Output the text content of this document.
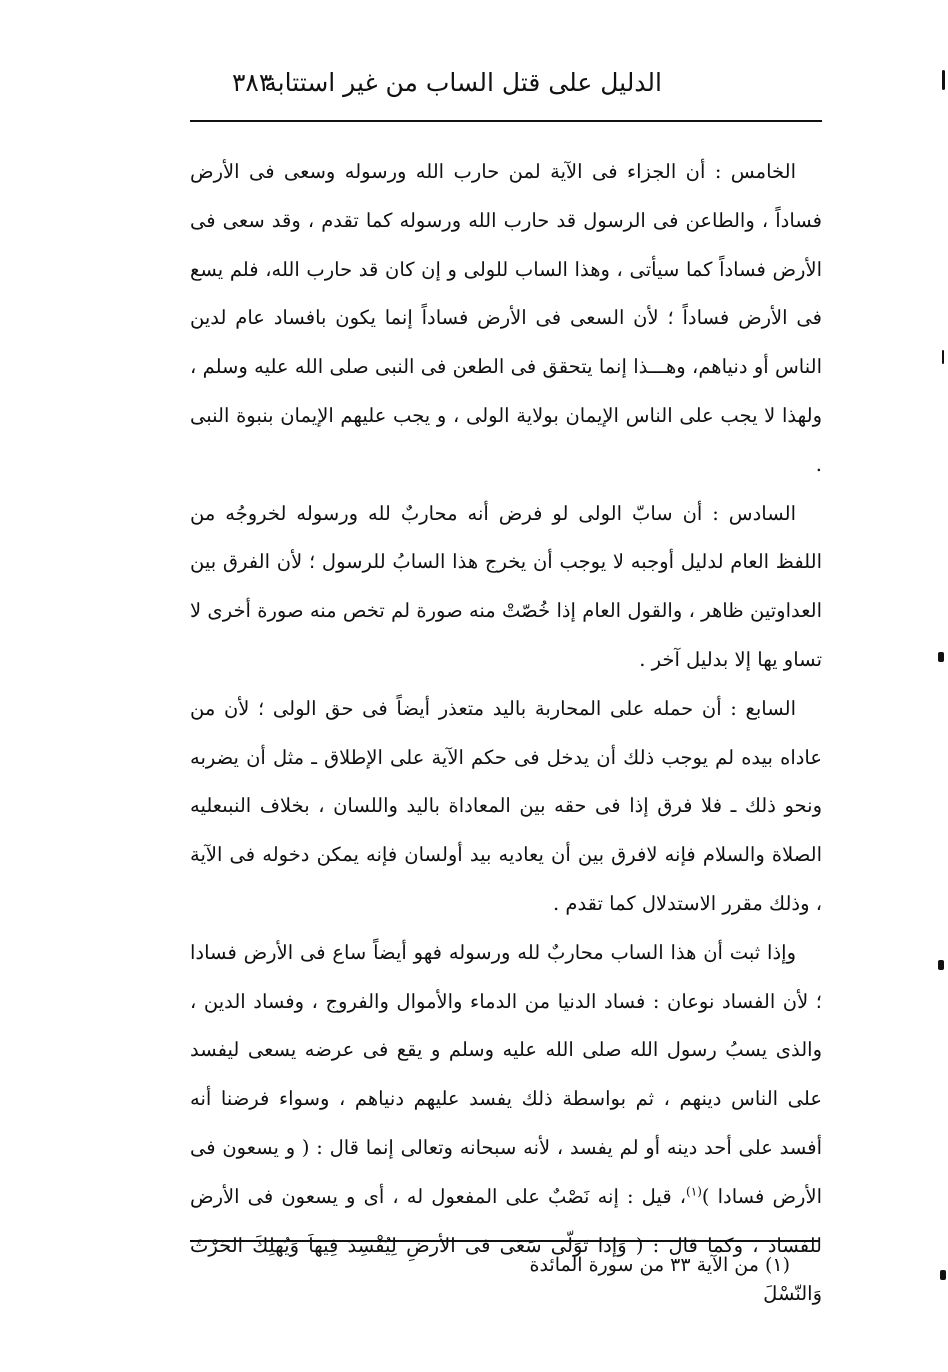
الدليل على قتل الساب من غير استتابة
٣٨٣

الخامس : أن الجزاء فى الآية لمن حارب الله ورسوله وسعى فى الأرض فساداً ، والطاعن فى الرسول قد حارب الله ورسوله كما تقدم ، وقد سعى فى الأرض فساداً كما سيأتى ، وهذا الساب للولى و إن كان قد حارب الله، فلم يسع فى الأرض فساداً ؛ لأن السعى فى الأرض فساداً إنما يكون بافساد عام لدين الناس أو دنياهم، وهـــذا إنما يتحقق فى الطعن فى النبى صلى الله عليه وسلم ، ولهذا لا يجب على الناس الإيمان بولاية الولى ، و يجب عليهم الإيمان بنبوة النبى .

السادس : أن سابّ الولى لو فرض أنه محاربٌ لله ورسوله لخروجُه من اللفظ العام لدليل أوجبه لا يوجب أن يخرج هذا السابُ للرسول ؛ لأن الفرق بين العداوتين ظاهر ، والقول العام إذا خُصّتْ منه صورة لم تخص منه صورة أخرى لا تساو يها إلا بدليل آخر .

السابع : أن حمله على المحاربة باليد متعذر أيضاً فى حق الولى ؛ لأن من عاداه بيده لم يوجب ذلك أن يدخل فى حكم الآية على الإطلاق ـ مثل أن يضربه ونحو ذلك ـ فلا فرق إذا فى حقه بين المعاداة باليد واللسان ، بخلاف النبىعليه الصلاة والسلام فإنه لافرق بين أن يعاديه بيد أولسان فإنه يمكن دخوله فى الآية ، وذلك مقرر الاستدلال كما تقدم .

وإذا ثبت أن هذا الساب محاربٌ لله ورسوله فهو أيضاً ساع فى الأرض فسادا ؛ لأن الفساد نوعان : فساد الدنيا من الدماء والأموال والفروج ، وفساد الدين ، والذى يسبُ رسول الله صلى الله عليه وسلم و يقع فى عرضه يسعى ليفسد على الناس دينهم ، ثم بواسطة ذلك يفسد عليهم دنياهم ، وسواء فرضنا أنه أفسد على أحد دينه أو لم يفسد ، لأنه سبحانه وتعالى إنما قال : ( و يسعون فى الأرض فسادا )$^{(١)}$، قيل : إنه نَصْبٌ على المفعول له ، أى و يسعون فى الأرض للفساد ، وكما قال : ( وَإذا تَوَلّى سَعَى فى الأرضِ لِيُفْسِدَ فِيهاَ وَيُهلِكَ الحَرْثَ وَالنّسْلَ

(١) من الآية ٣٣ من سورة المائدة
